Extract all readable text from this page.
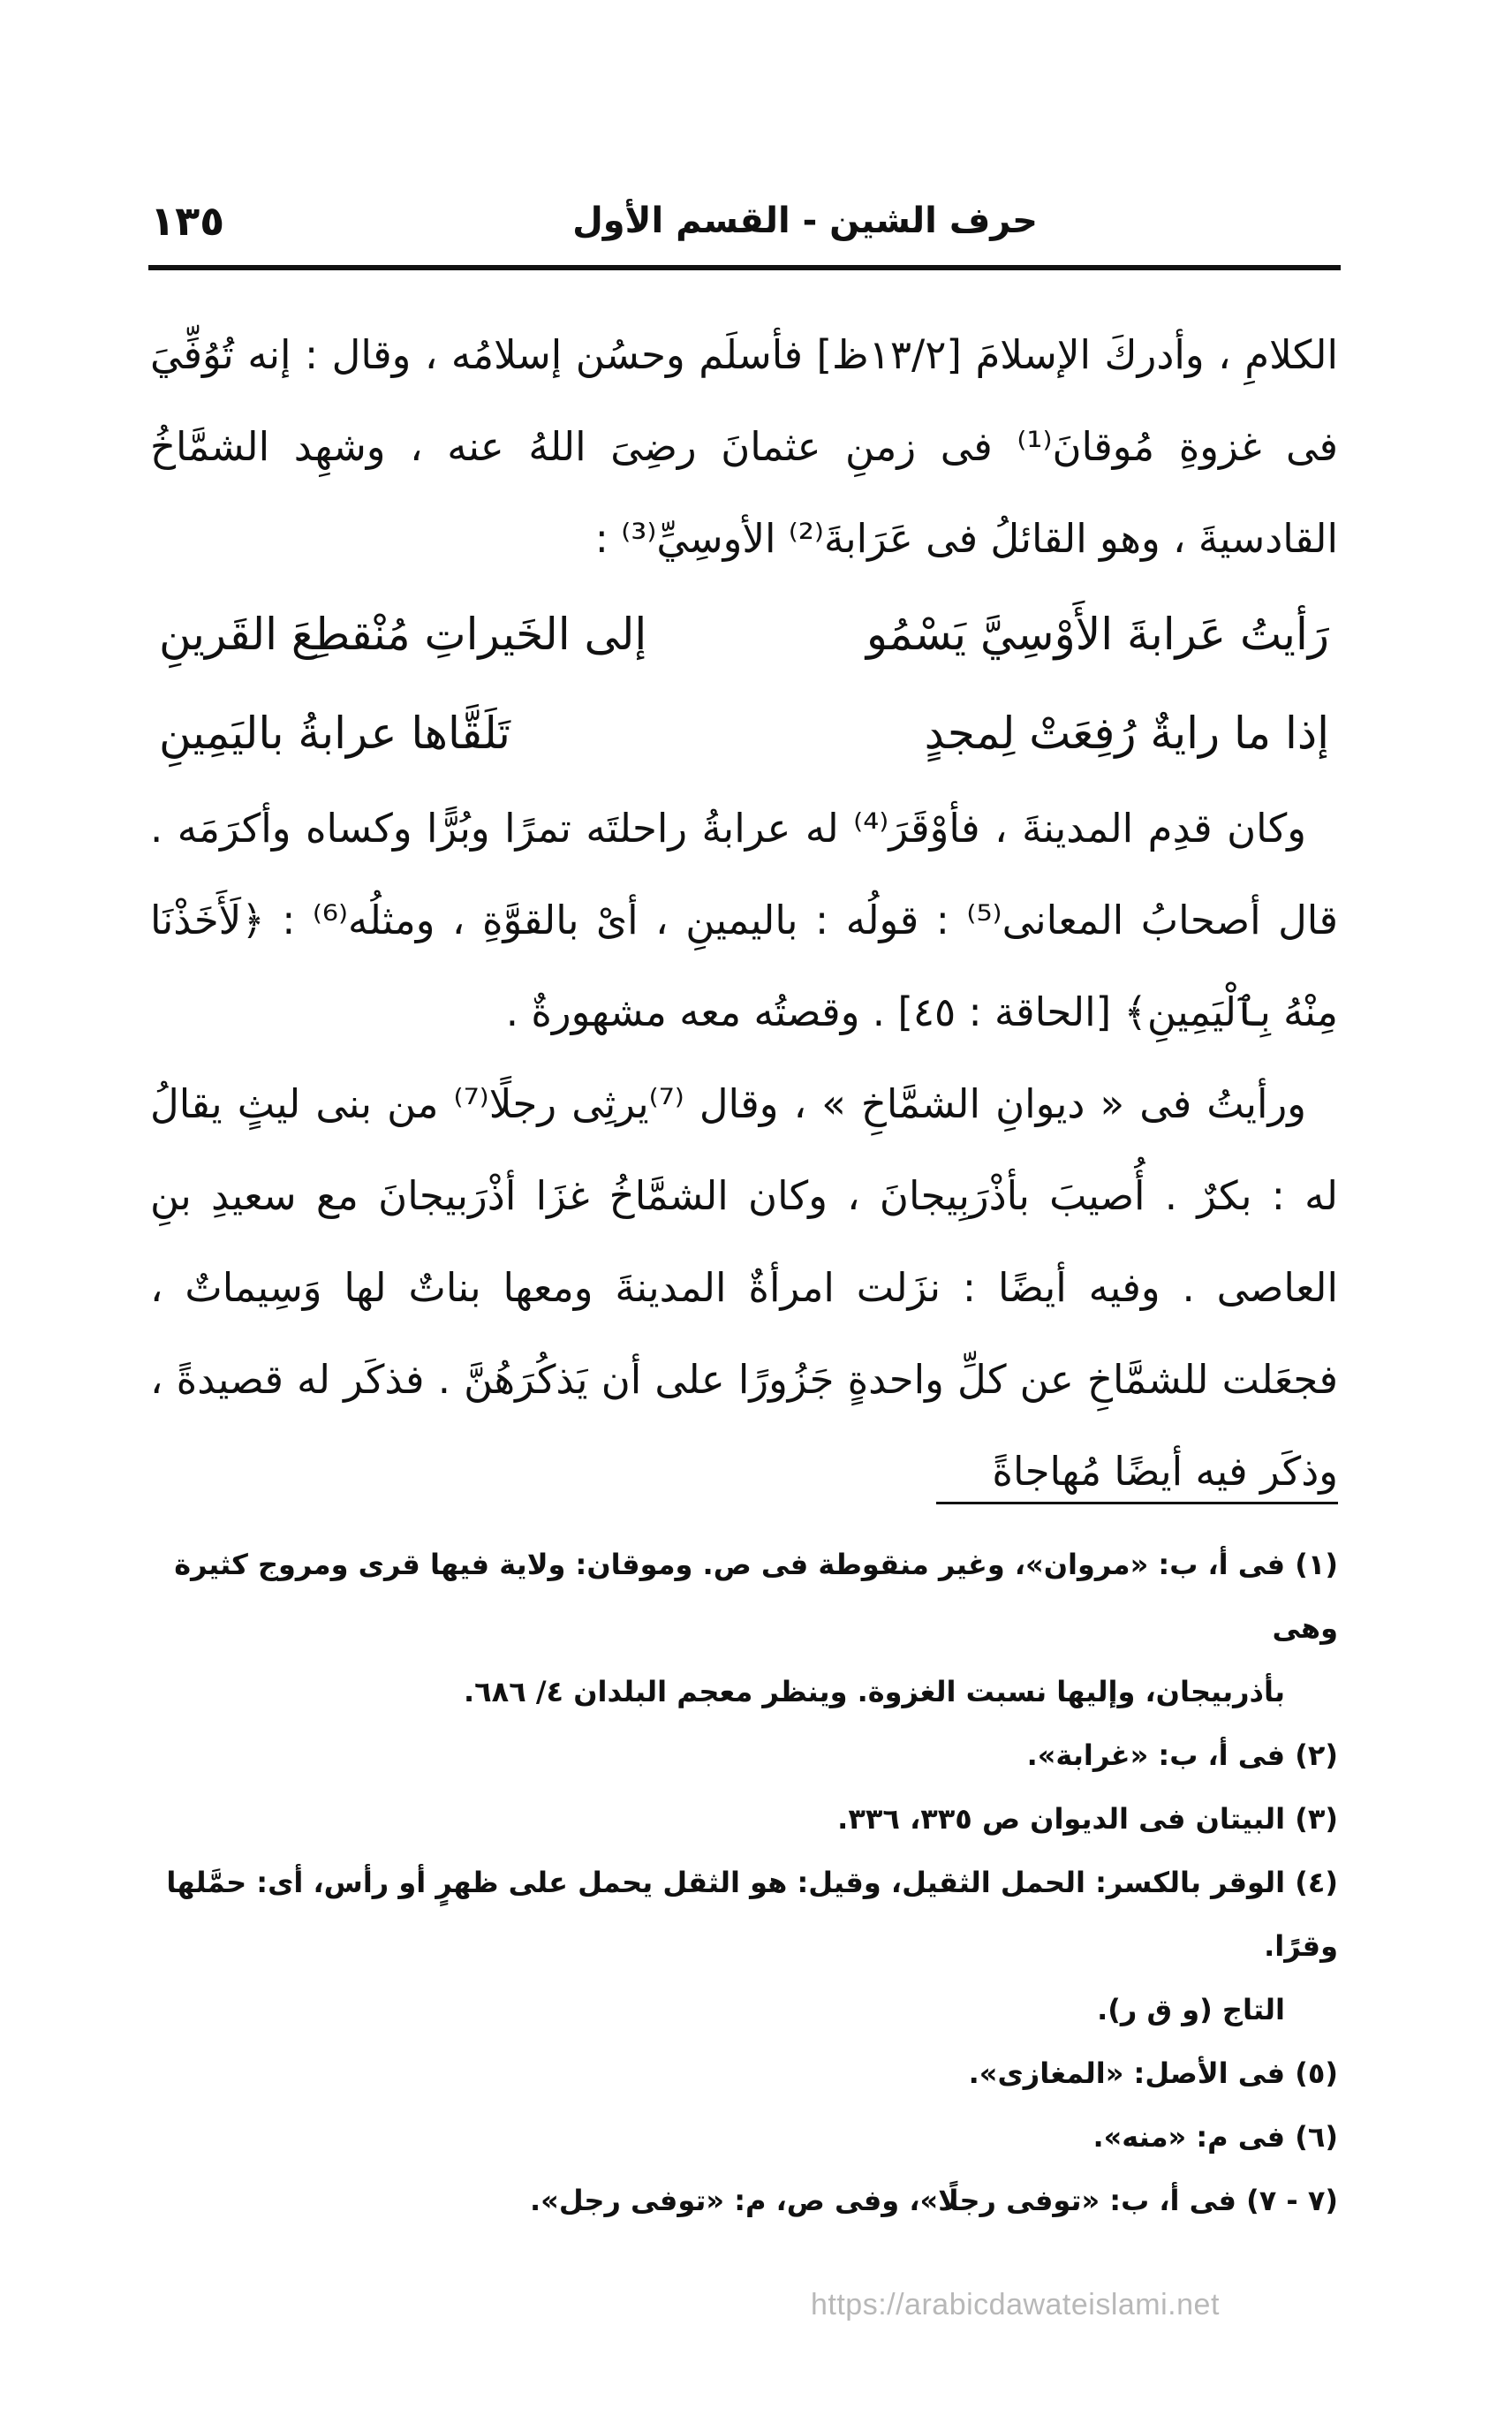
حرف الشين - القسم الأول
١٣٥

الكلامِ ، وأدركَ الإسلامَ [١٣/٢ظ] فأسلَم وحسُن إسلامُه ، وقال : إنه تُوُفِّيَ فى غزوةِ مُوقانَ⁽¹⁾ فى زمنِ عثمانَ رضِىَ اللهُ عنه ، وشهِد الشمَّاخُ القادسيةَ ، وهو القائلُ فى عَرَابةَ⁽²⁾ الأوسِيِّ⁽³⁾ :

رَأيتُ عَرابةَ الأَوْسِيَّ يَسْمُو
إلى الخَيراتِ مُنْقطِعَ القَرينِ
إذا ما رايةٌ رُفِعَتْ لِمجدٍ
تَلَقَّاها عرابةُ باليَمِينِ

وكان قدِم المدينةَ ، فأوْقَرَ⁽⁴⁾ له عرابةُ راحلتَه تمرًا وبُرًّا وكساه وأكرَمَه . قال أصحابُ المعانى⁽⁵⁾ : قولُه : باليمينِ ، أىْ بالقوَّةِ ، ومثلُه⁽⁶⁾ : ﴿لَأَخَذْنَا مِنْهُ بِٱلْيَمِينِ﴾ [الحاقة : ٤٥] . وقصتُه معه مشهورةٌ .

ورأيتُ فى « ديوانِ الشمَّاخِ » ، وقال ⁽⁷⁾يرثِى رجلًا⁽⁷⁾ من بنى ليثٍ يقالُ له : بكرٌ . أُصيبَ بأذْرَبِيجانَ ، وكان الشمَّاخُ غزَا أذْرَبيجانَ مع سعيدِ بنِ العاصى . وفيه أيضًا : نزَلت امرأةٌ المدينةَ ومعها بناتٌ لها وَسِيماتٌ ، فجعَلت للشمَّاخِ عن كلِّ واحدةٍ جَزُورًا على أن يَذكُرَهُنَّ . فذكَر له قصيدةً ، وذكَر فيه أيضًا مُهاجاةً

(١) فى أ، ب: «مروان»، وغير منقوطة فى ص. وموقان: ولاية فيها قرى ومروج كثيرة وهى

بأذربيجان، وإليها نسبت الغزوة. وينظر معجم البلدان ٤/ ٦٨٦.

(٢) فى أ، ب: «غرابة».

(٣) البيتان فى الديوان ص ٣٣٥، ٣٣٦.

(٤) الوقر بالكسر: الحمل الثقيل، وقيل: هو الثقل يحمل على ظهرٍ أو رأس، أى: حمَّلها وقرًا.

التاج (و ق ر).

(٥) فى الأصل: «المغازى».

(٦) فى م: «منه».

(٧ - ٧) فى أ، ب: «توفى رجلًا»، وفى ص، م: «توفى رجل».

https://arabicdawateislami.net
